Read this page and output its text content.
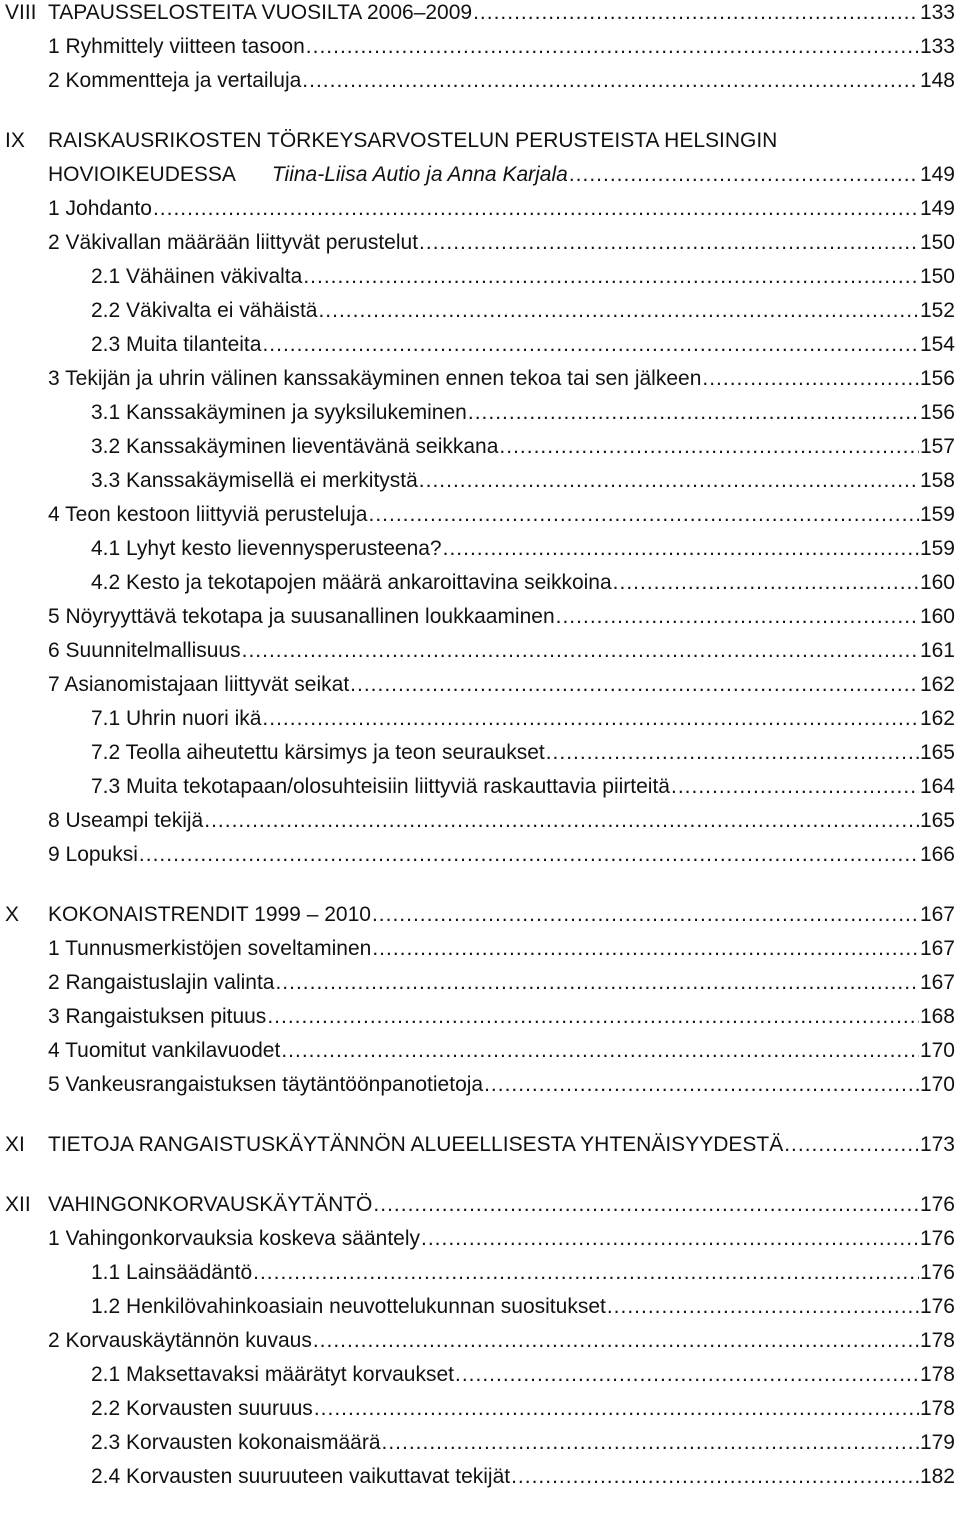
VIII TAPAUSSELOSTEITA VUOSILTA 2006–2009 .....	133
1 Ryhmittely viitteen tasoon .....	133
2 Kommentteja ja vertailuja .....	148
IX RAISKAUSRIKOSTEN TÖRKEYSARVOSTELUN PERUSTEISTA HELSINGIN
HOVIOIKEUDESSA Tiina-Liisa Autio ja Anna Karjala .....	149
1 Johdanto .....	149
2 Väkivallan määrään liittyvät perustelut .....	150
2.1 Vähäinen väkivalta .....	150
2.2 Väkivalta ei vähäistä .....	152
2.3 Muita tilanteita .....	154
3 Tekijän ja uhrin välinen kanssakäyminen ennen tekoa tai sen jälkeen .....	156
3.1 Kanssakäyminen ja syyksilukeminen .....	156
3.2 Kanssakäyminen lieventävänä seikkana .....	157
3.3 Kanssakäymisellä ei merkitystä .....	158
4 Teon kestoon liittyviä perusteluja .....	159
4.1 Lyhyt kesto lievennysperusteena? .....	159
4.2 Kesto ja tekotapojen määrä ankaroittavina seikkoina .....	160
5 Nöyryyttävä tekotapa ja suusanallinen loukkaaminen .....	160
6 Suunnitelmallisuus .....	161
7 Asianomistajaan liittyvät seikat .....	162
7.1 Uhrin nuori ikä .....	162
7.2 Teolla aiheutettu kärsimys ja teon seuraukset .....	165
7.3 Muita tekotapaan/olosuhteisiin liittyviä raskauttavia piirteitä .....	164
8 Useampi tekijä .....	165
9 Lopuksi .....	166
X KOKONAISTRENDIT 1999 – 2010 .....	167
1 Tunnusmerkistöjen soveltaminen .....	167
2 Rangaistuslajin valinta .....	167
3 Rangaistuksen pituus .....	168
4 Tuomitut vankilavuodet .....	170
5 Vankeusrangaistuksen täytäntöönpanotietoja .....	170
XI TIETOJA RANGAISTUSKÄYTÄNNÖN ALUEELLISESTA YHTENÄISYYDESTÄ .....	173
XII VAHINGONKORVAUSKÄYTÄNTÖ .....	176
1 Vahingonkorvauksia koskeva sääntely .....	176
1.1 Lainsäädäntö .....	176
1.2 Henkilövahinkoasiain neuvottelukunnan suositukset .....	176
2 Korvauskäytännön kuvaus .....	178
2.1 Maksettavaksi määrätyt korvaukset .....	178
2.2 Korvausten suuruus .....	178
2.3 Korvausten kokonaismäärä .....	179
2.4 Korvausten suuruuteen vaikuttavat tekijät .....	182
